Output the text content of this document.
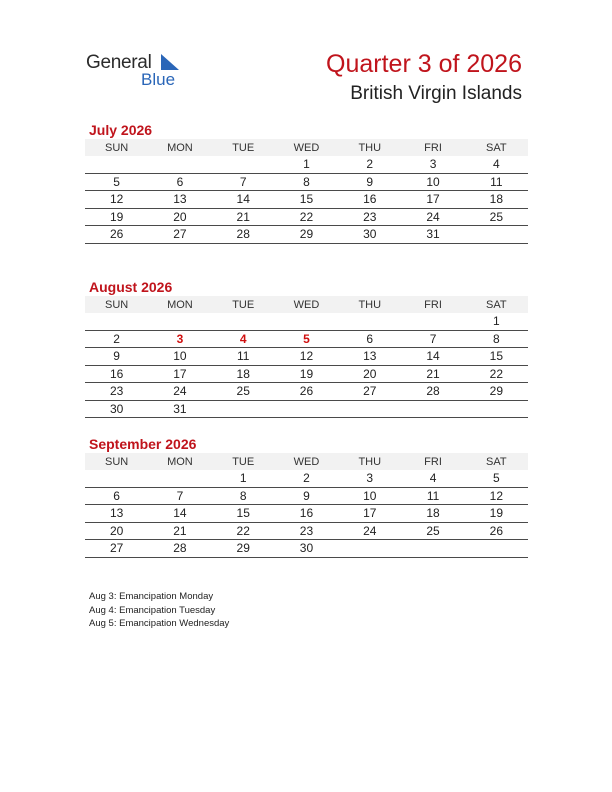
General
Blue
Quarter 3 of 2026
British Virgin Islands
July 2026
SUN	MON	TUE	WED	THU	FRI	SAT
			1	2	3	4
5	6	7	8	9	10	11
12	13	14	15	16	17	18
19	20	21	22	23	24	25
26	27	28	29	30	31	
August 2026
SUN	MON	TUE	WED	THU	FRI	SAT
						1
2	3	4	5	6	7	8
9	10	11	12	13	14	15
16	17	18	19	20	21	22
23	24	25	26	27	28	29
30	31					
September 2026
SUN	MON	TUE	WED	THU	FRI	SAT
		1	2	3	4	5
6	7	8	9	10	11	12
13	14	15	16	17	18	19
20	21	22	23	24	25	26
27	28	29	30			
Aug 3: Emancipation Monday
Aug 4: Emancipation Tuesday
Aug 5: Emancipation Wednesday
